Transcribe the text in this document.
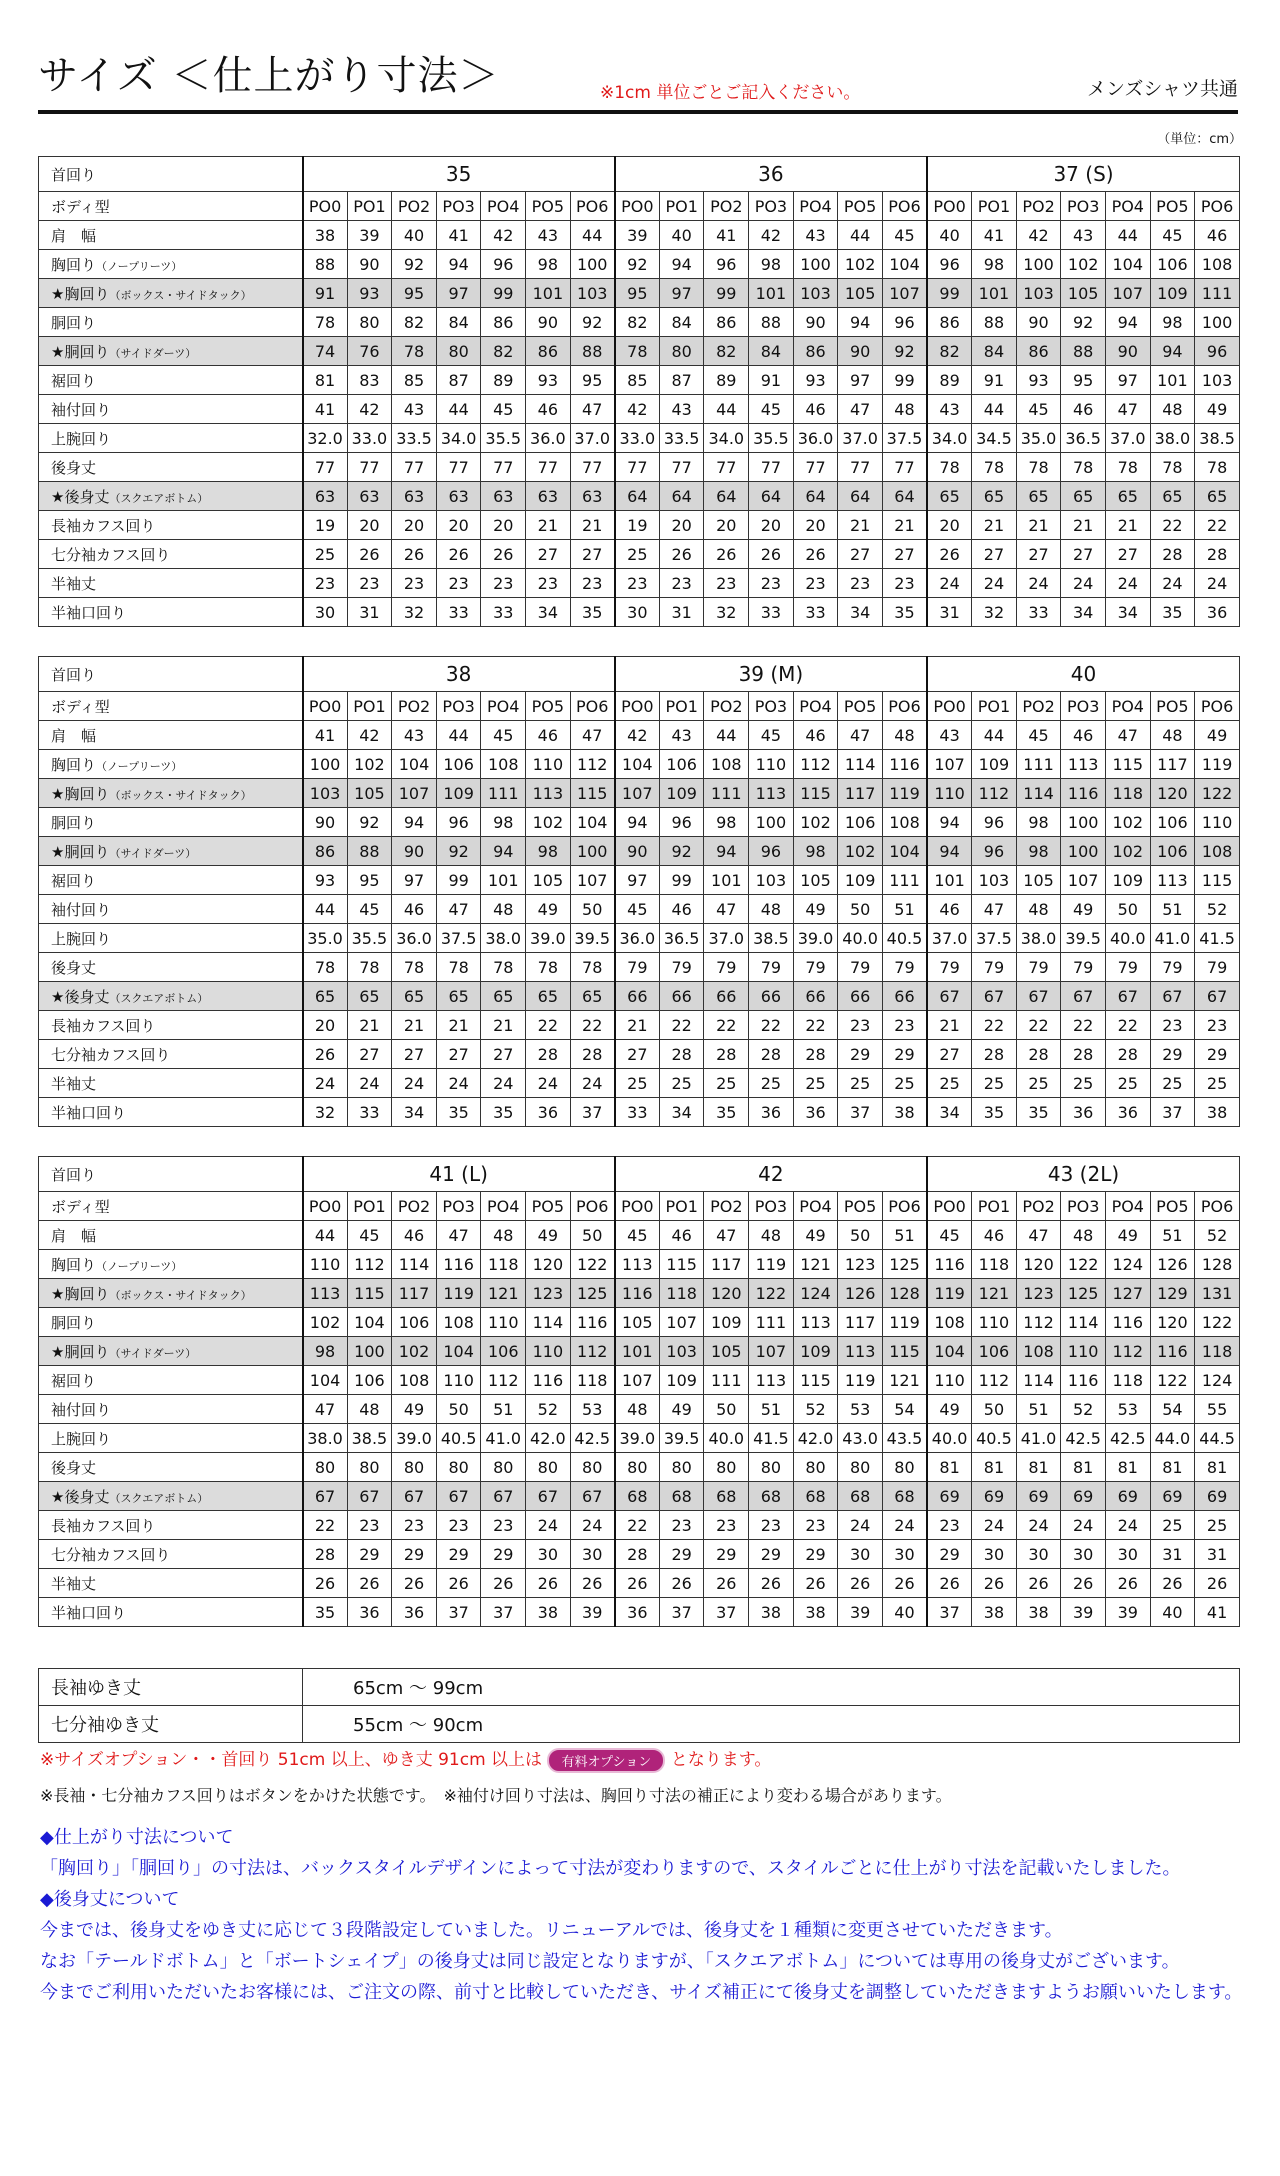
サイズ ＜仕上がり寸法＞	※1cm 単位ごとご記入ください。	メンズシャツ共通
（単位：cm）
首回り	35							36							37 (S)						
ボディ型	PO0	PO1	PO2	PO3	PO4	PO5	PO6	PO0	PO1	PO2	PO3	PO4	PO5	PO6	PO0	PO1	PO2	PO3	PO4	PO5	PO6
肩　幅	38	39	40	41	42	43	44	39	40	41	42	43	44	45	40	41	42	43	44	45	46
胸回り（ノープリーツ）	88	90	92	94	96	98	100	92	94	96	98	100	102	104	96	98	100	102	104	106	108
★胸回り（ボックス・サイドタック）	91	93	95	97	99	101	103	95	97	99	101	103	105	107	99	101	103	105	107	109	111
胴回り	78	80	82	84	86	90	92	82	84	86	88	90	94	96	86	88	90	92	94	98	100
★胴回り（サイドダーツ）	74	76	78	80	82	86	88	78	80	82	84	86	90	92	82	84	86	88	90	94	96
裾回り	81	83	85	87	89	93	95	85	87	89	91	93	97	99	89	91	93	95	97	101	103
袖付回り	41	42	43	44	45	46	47	42	43	44	45	46	47	48	43	44	45	46	47	48	49
上腕回り	32.0	33.0	33.5	34.0	35.5	36.0	37.0	33.0	33.5	34.0	35.5	36.0	37.0	37.5	34.0	34.5	35.0	36.5	37.0	38.0	38.5
後身丈	77	77	77	77	77	77	77	77	77	77	77	77	77	77	78	78	78	78	78	78	78
★後身丈（スクエアボトム）	63	63	63	63	63	63	63	64	64	64	64	64	64	64	65	65	65	65	65	65	65
長袖カフス回り	19	20	20	20	20	21	21	19	20	20	20	20	21	21	20	21	21	21	21	22	22
七分袖カフス回り	25	26	26	26	26	27	27	25	26	26	26	26	27	27	26	27	27	27	27	28	28
半袖丈	23	23	23	23	23	23	23	23	23	23	23	23	23	23	24	24	24	24	24	24	24
半袖口回り	30	31	32	33	33	34	35	30	31	32	33	33	34	35	31	32	33	34	34	35	36
首回り	38							39 (M)							40						
ボディ型	PO0	PO1	PO2	PO3	PO4	PO5	PO6	PO0	PO1	PO2	PO3	PO4	PO5	PO6	PO0	PO1	PO2	PO3	PO4	PO5	PO6
肩　幅	41	42	43	44	45	46	47	42	43	44	45	46	47	48	43	44	45	46	47	48	49
胸回り（ノープリーツ）	100	102	104	106	108	110	112	104	106	108	110	112	114	116	107	109	111	113	115	117	119
★胸回り（ボックス・サイドタック）	103	105	107	109	111	113	115	107	109	111	113	115	117	119	110	112	114	116	118	120	122
胴回り	90	92	94	96	98	102	104	94	96	98	100	102	106	108	94	96	98	100	102	106	110
★胴回り（サイドダーツ）	86	88	90	92	94	98	100	90	92	94	96	98	102	104	94	96	98	100	102	106	108
裾回り	93	95	97	99	101	105	107	97	99	101	103	105	109	111	101	103	105	107	109	113	115
袖付回り	44	45	46	47	48	49	50	45	46	47	48	49	50	51	46	47	48	49	50	51	52
上腕回り	35.0	35.5	36.0	37.5	38.0	39.0	39.5	36.0	36.5	37.0	38.5	39.0	40.0	40.5	37.0	37.5	38.0	39.5	40.0	41.0	41.5
後身丈	78	78	78	78	78	78	78	79	79	79	79	79	79	79	79	79	79	79	79	79	79
★後身丈（スクエアボトム）	65	65	65	65	65	65	65	66	66	66	66	66	66	66	67	67	67	67	67	67	67
長袖カフス回り	20	21	21	21	21	22	22	21	22	22	22	22	23	23	21	22	22	22	22	23	23
七分袖カフス回り	26	27	27	27	27	28	28	27	28	28	28	28	29	29	27	28	28	28	28	29	29
半袖丈	24	24	24	24	24	24	24	25	25	25	25	25	25	25	25	25	25	25	25	25	25
半袖口回り	32	33	34	35	35	36	37	33	34	35	36	36	37	38	34	35	35	36	36	37	38
首回り	41 (L)							42							43 (2L)						
ボディ型	PO0	PO1	PO2	PO3	PO4	PO5	PO6	PO0	PO1	PO2	PO3	PO4	PO5	PO6	PO0	PO1	PO2	PO3	PO4	PO5	PO6
肩　幅	44	45	46	47	48	49	50	45	46	47	48	49	50	51	45	46	47	48	49	51	52
胸回り（ノープリーツ）	110	112	114	116	118	120	122	113	115	117	119	121	123	125	116	118	120	122	124	126	128
★胸回り（ボックス・サイドタック）	113	115	117	119	121	123	125	116	118	120	122	124	126	128	119	121	123	125	127	129	131
胴回り	102	104	106	108	110	114	116	105	107	109	111	113	117	119	108	110	112	114	116	120	122
★胴回り（サイドダーツ）	98	100	102	104	106	110	112	101	103	105	107	109	113	115	104	106	108	110	112	116	118
裾回り	104	106	108	110	112	116	118	107	109	111	113	115	119	121	110	112	114	116	118	122	124
袖付回り	47	48	49	50	51	52	53	48	49	50	51	52	53	54	49	50	51	52	53	54	55
上腕回り	38.0	38.5	39.0	40.5	41.0	42.0	42.5	39.0	39.5	40.0	41.5	42.0	43.0	43.5	40.0	40.5	41.0	42.5	42.5	44.0	44.5
後身丈	80	80	80	80	80	80	80	80	80	80	80	80	80	80	81	81	81	81	81	81	81
★後身丈（スクエアボトム）	67	67	67	67	67	67	67	68	68	68	68	68	68	68	69	69	69	69	69	69	69
長袖カフス回り	22	23	23	23	23	24	24	22	23	23	23	23	24	24	23	24	24	24	24	25	25
七分袖カフス回り	28	29	29	29	29	30	30	28	29	29	29	29	30	30	29	30	30	30	30	31	31
半袖丈	26	26	26	26	26	26	26	26	26	26	26	26	26	26	26	26	26	26	26	26	26
半袖口回り	35	36	36	37	37	38	39	36	37	37	38	38	39	40	37	38	38	39	39	40	41
長袖ゆき丈	65cm 〜 99cm
七分袖ゆき丈	55cm 〜 90cm
※サイズオプション・・首回り 51cm 以上、ゆき丈 91cm 以上は 有料オプション となります。
※長袖・七分袖カフス回りはボタンをかけた状態です。　※袖付け回り寸法は、胸回り寸法の補正により変わる場合があります。

◆仕上がり寸法について

「胸回り」「胴回り」の寸法は、バックスタイルデザインによって寸法が変わりますので、スタイルごとに仕上がり寸法を記載いたしました。

◆後身丈について

今までは、後身丈をゆき丈に応じて３段階設定していました。リニューアルでは、後身丈を１種類に変更させていただきます。

なお「テールドボトム」と「ボートシェイプ」の後身丈は同じ設定となりますが、「スクエアボトム」については専用の後身丈がございます。

今までご利用いただいたお客様には、ご注文の際、前寸と比較していただき、サイズ補正にて後身丈を調整していただきますようお願いいたします。
